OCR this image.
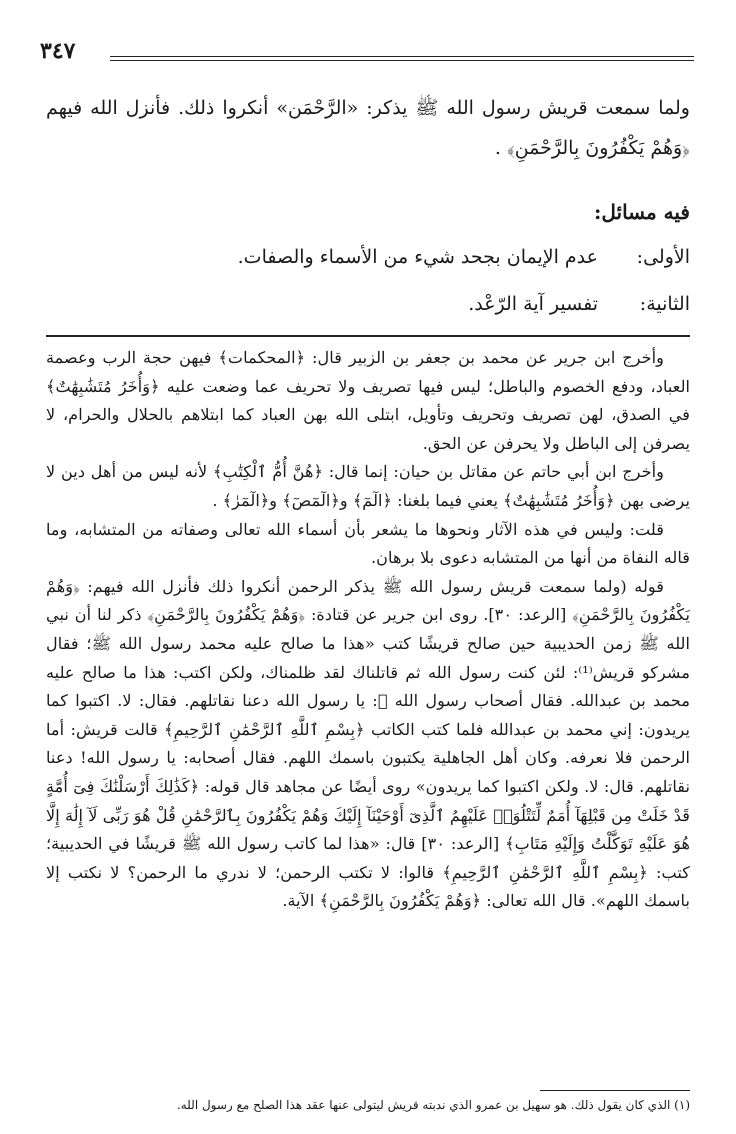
٣٤٧

ولما سمعت قريش رسول الله ﷺ يذكر: «الرَّحْمَن» أنكروا ذلك. فأنزل الله فيهم ﴿وَهُمْ يَكْفُرُونَ بِالرَّحْمَنِ﴾ .

فيه مسائل:

الأولى:
عدم الإيمان بجحد شيء من الأسماء والصفات.
الثانية:
تفسير آية الرّعْد.

وأخرج ابن جرير عن محمد بن جعفر بن الزبير قال: ﴿المحكمات﴾ فيهن حجة الرب وعصمة العباد، ودفع الخصوم والباطل؛ ليس فيها تصريف ولا تحريف عما وضعت عليه ﴿وَأُخَرُ مُتَشَٰبِهَٰتٌ﴾ في الصدق، لهن تصريف وتحريف وتأويل، ابتلى الله بهن العباد كما ابتلاهم بالحلال والحرام، لا يصرفن إلى الباطل ولا يحرفن عن الحق.

وأخرج ابن أبي حاتم عن مقاتل بن حيان: إنما قال: ﴿هُنَّ أُمُّ ٱلْكِتَٰبِ﴾ لأنه ليس من أهل دين لا يرضى بهن ﴿وَأُخَرُ مُتَشَٰبِهَٰتٌ﴾ يعني فيما بلغنا: ﴿الٓمٓ﴾ و﴿الٓمٓصٓ﴾ و﴿الٓمٓرٰ﴾ .

قلت: وليس في هذه الآثار ونحوها ما يشعر بأن أسماء الله تعالى وصفاته من المتشابه، وما قاله النفاة من أنها من المتشابه دعوى بلا برهان.

قوله (ولما سمعت قريش رسول الله ﷺ يذكر الرحمن أنكروا ذلك فأنزل الله فيهم: ﴿وَهُمْ يَكْفُرُونَ بِالرَّحْمَنِ﴾ [الرعد: ٣٠]. روى ابن جرير عن قتادة: ﴿وَهُمْ يَكْفُرُونَ بِالرَّحْمَنِ﴾ ذكر لنا أن نبي الله ﷺ زمن الحديبية حين صالح قريشًا كتب «هذا ما صالح عليه محمد رسول الله ﷺ؛ فقال مشركو قريش⁽¹⁾: لئن كنت رسول الله ثم قاتلناك لقد ظلمناك، ولكن اكتب: هذا ما صالح عليه محمد بن عبدالله. فقال أصحاب رسول الله ﷺ: يا رسول الله دعنا نقاتلهم. فقال: لا. اكتبوا كما يريدون: إني محمد بن عبدالله فلما كتب الكاتب ﴿بِسْمِ ٱللَّهِ ٱلرَّحْمَٰنِ ٱلرَّحِيمِ﴾ قالت قريش: أما الرحمن فلا نعرفه. وكان أهل الجاهلية يكتبون باسمك اللهم. فقال أصحابه: يا رسول الله! دعنا نقاتلهم. قال: لا. ولكن اكتبوا كما يريدون» روى أيضًا عن مجاهد قال قوله: ﴿كَذَٰلِكَ أَرْسَلْنَٰكَ فِىٓ أُمَّةٍ قَدْ خَلَتْ مِن قَبْلِهَآ أُمَمٌ لِّتَتْلُوَا۟ عَلَيْهِمُ ٱلَّذِىٓ أَوْحَيْنَآ إِلَيْكَ وَهُمْ يَكْفُرُونَ بِٱلرَّحْمَٰنِ قُلْ هُوَ رَبِّى لَآ إِلَٰهَ إِلَّا هُوَ عَلَيْهِ تَوَكَّلْتُ وَإِلَيْهِ مَتَابِ﴾ [الرعد: ٣٠] قال: «هذا لما كاتب رسول الله ﷺ قريشًا في الحديبية؛ كتب: ﴿بِسْمِ ٱللَّهِ ٱلرَّحْمَٰنِ ٱلرَّحِيمِ﴾ قالوا: لا تكتب الرحمن؛ لا ندري ما الرحمن؟ لا نكتب إلا باسمك اللهم». قال الله تعالى: ﴿وَهُمْ يَكْفُرُونَ بِالرَّحْمَنِ﴾ الآية.

(١) الذي كان يقول ذلك. هو سهيل بن عمرو الذي ندبته قريش ليتولى عنها عقد هذا الصلح مع رسول الله.
